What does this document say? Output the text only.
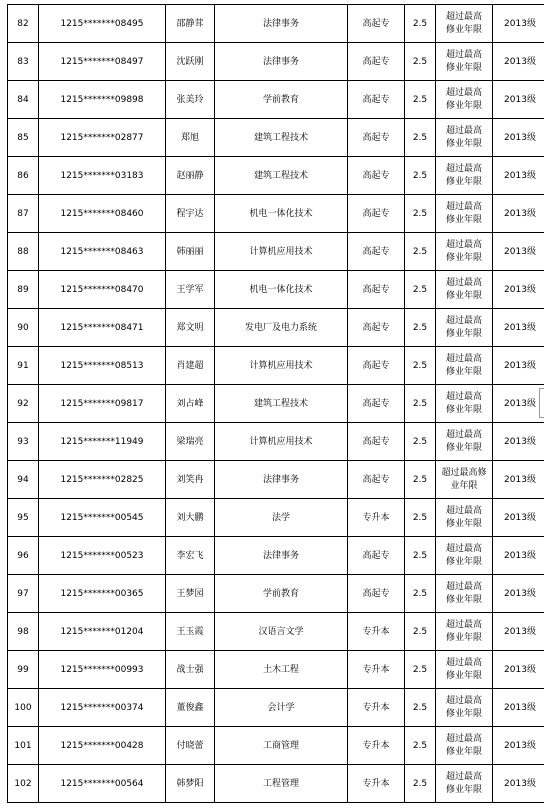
82	1215*******08495	邵静茸	法律事务	高起专	2.5	超过最高修业年限	2013级
83	1215*******08497	沈跃刚	法律事务	高起专	2.5	超过最高修业年限	2013级
84	1215*******09898	张美玲	学前教育	高起专	2.5	超过最高修业年限	2013级
85	1215*******02877	郑旭	建筑工程技术	高起专	2.5	超过最高修业年限	2013级
86	1215*******03183	赵丽静	建筑工程技术	高起专	2.5	超过最高修业年限	2013级
87	1215*******08460	程宇达	机电一体化技术	高起专	2.5	超过最高修业年限	2013级
88	1215*******08463	韩丽丽	计算机应用技术	高起专	2.5	超过最高修业年限	2013级
89	1215*******08470	王学军	机电一体化技术	高起专	2.5	超过最高修业年限	2013级
90	1215*******08471	郑文明	发电厂及电力系统	高起专	2.5	超过最高修业年限	2013级
91	1215*******08513	肖建超	计算机应用技术	高起专	2.5	超过最高修业年限	2013级
92	1215*******09817	刘占峰	建筑工程技术	高起专	2.5	超过最高修业年限	2013级
93	1215*******11949	梁瑞亮	计算机应用技术	高起专	2.5	超过最高修业年限	2013级
94	1215*******02825	刘笑冉	法律事务	高起专	2.5	超过最高修业年限	2013级
95	1215*******00545	刘大鹏	法学	专升本	2.5	超过最高修业年限	2013级
96	1215*******00523	李宏飞	法律事务	高起专	2.5	超过最高修业年限	2013级
97	1215*******00365	王梦园	学前教育	高起专	2.5	超过最高修业年限	2013级
98	1215*******01204	王玉霞	汉语言文学	专升本	2.5	超过最高修业年限	2013级
99	1215*******00993	战士强	土木工程	专升本	2.5	超过最高修业年限	2013级
100	1215*******00374	董俊鑫	会计学	专升本	2.5	超过最高修业年限	2013级
101	1215*******00428	付晓蕾	工商管理	专升本	2.5	超过最高修业年限	2013级
102	1215*******00564	韩梦阳	工程管理	专升本	2.5	超过最高修业年限	2013级
